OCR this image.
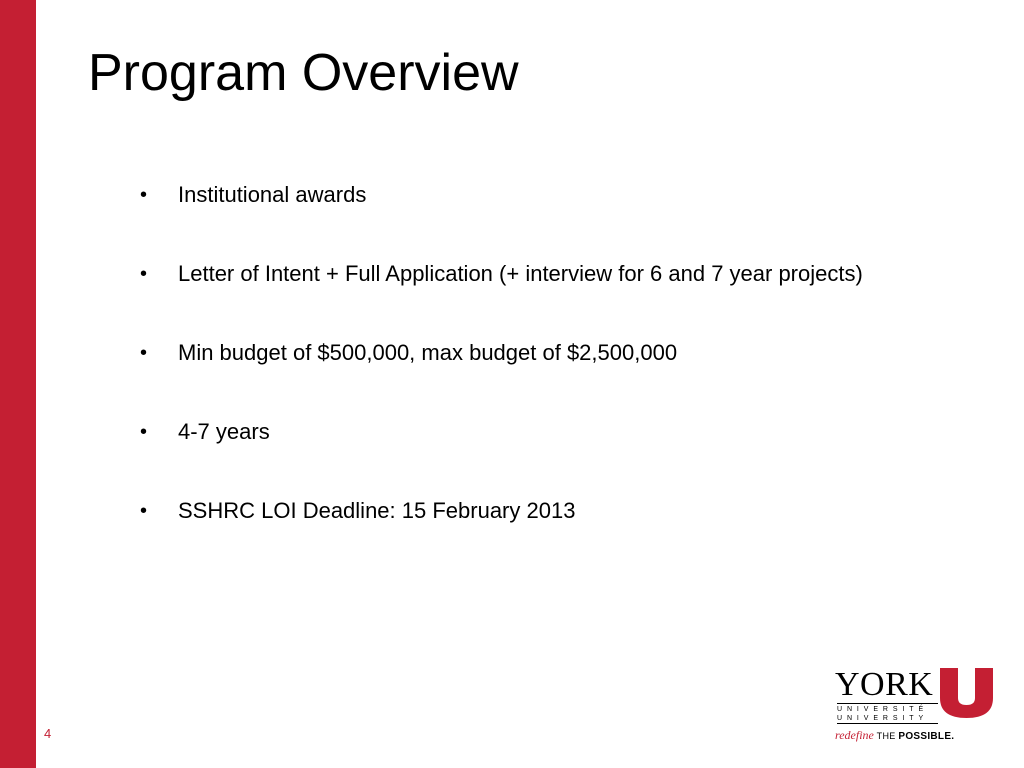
Program Overview
• Institutional awards
• Letter of Intent + Full Application (+ interview for 6 and 7 year projects)
• Min budget of $500,000, max budget of $2,500,000
• 4-7 years
• SSHRC LOI Deadline: 15 February 2013
4
YORK
UNIVERSITÉ
UNIVERSITY
redefine THE POSSIBLE.
